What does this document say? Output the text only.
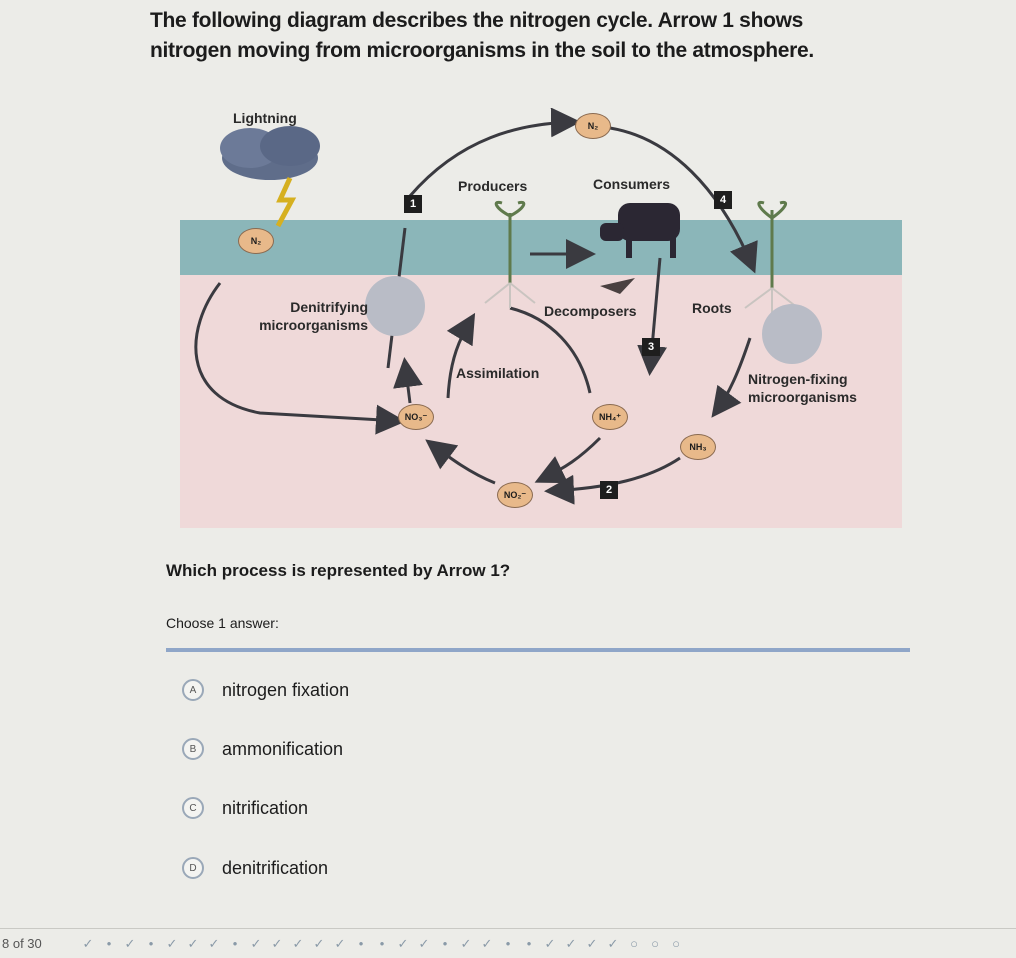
The following diagram describes the nitrogen cycle. Arrow 1 shows nitrogen moving from microorganisms in the soil to the atmosphere.
Lightning
Producers	Consumers
Decomposers	Roots
Denitrifying microorganisms
Assimilation	Nitrogen-fixing microorganisms
N₂
N₂
NO₃⁻	NH₄⁺
NH₃
NO₂⁻
1
2
3
4
Which process is represented by Arrow 1?
Choose 1 answer:
A	nitrogen fixation
B	ammonification
C	nitrification
D	denitrification
8 of 30	✓ • ✓ • ✓ ✓ ✓ • ✓ ✓ ✓ ✓ ✓ • • ✓ ✓ • ✓ ✓ • • ✓ ✓ ✓ ✓ ○ ○ ○
